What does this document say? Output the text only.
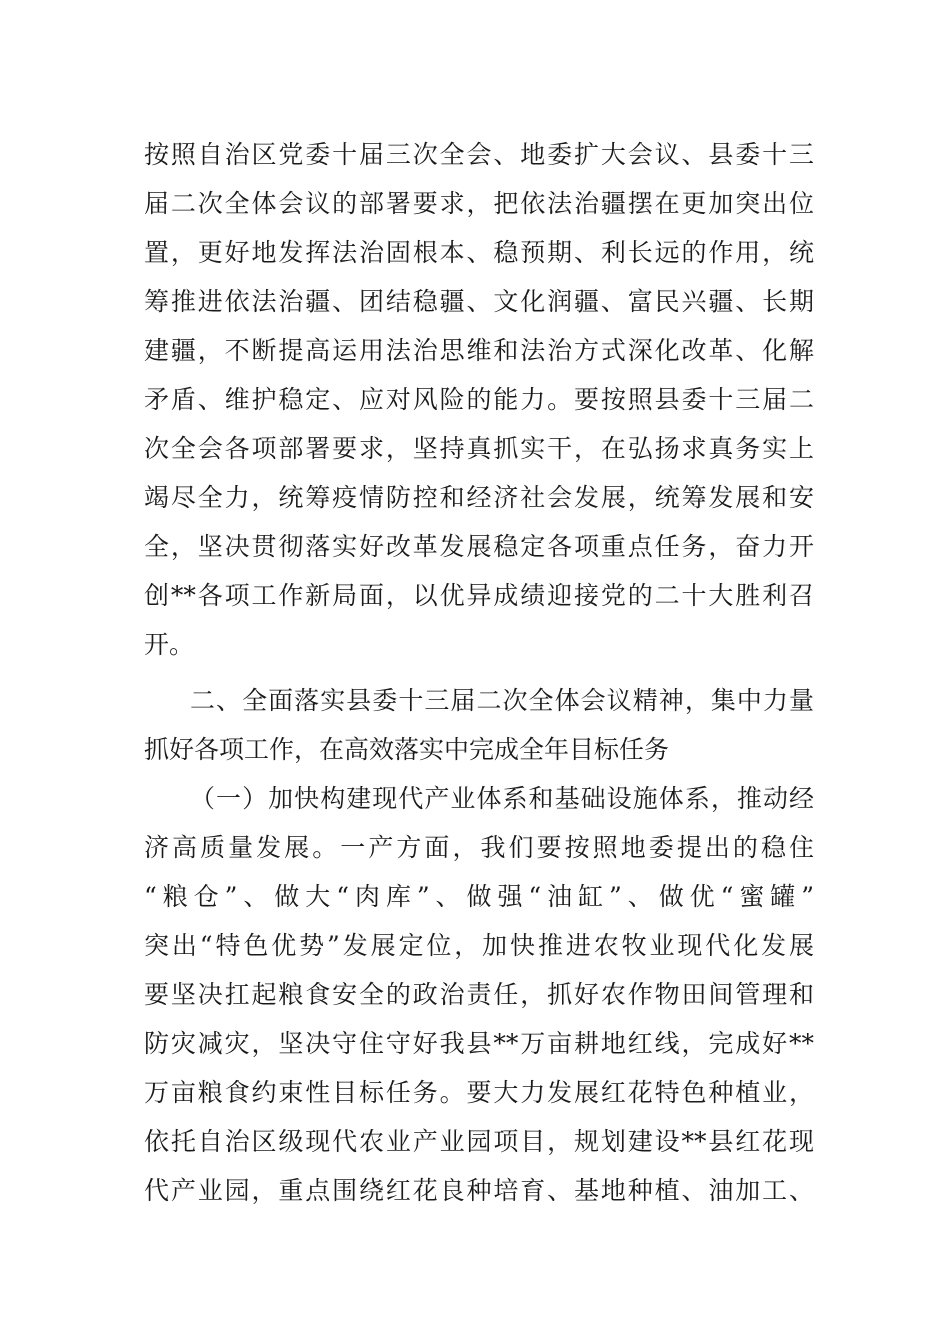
按照自治区党委十届三次全会、地委扩大会议、县委十三
届二次全体会议的部署要求，把依法治疆摆在更加突出位
置，更好地发挥法治固根本、稳预期、利长远的作用，统
筹推进依法治疆、团结稳疆、文化润疆、富民兴疆、长期
建疆，不断提高运用法治思维和法治方式深化改革、化解
矛盾、维护稳定、应对风险的能力。要按照县委十三届二
次全会各项部署要求，坚持真抓实干，在弘扬求真务实上
竭尽全力，统筹疫情防控和经济社会发展，统筹发展和安
全，坚决贯彻落实好改革发展稳定各项重点任务，奋力开
创**各项工作新局面，以优异成绩迎接党的二十大胜利召
开。
二、全面落实县委十三届二次全体会议精神，集中力量
抓好各项工作，在高效落实中完成全年目标任务
（一）加快构建现代产业体系和基础设施体系，推动经
济高质量发展。一产方面，我们要按照地委提出的稳住
“粮仓”、做大“肉库”、做强“油缸”、做优“蜜罐”
突出“特色优势”发展定位，加快推进农牧业现代化发展
要坚决扛起粮食安全的政治责任，抓好农作物田间管理和
防灾减灾，坚决守住守好我县**万亩耕地红线，完成好**
万亩粮食约束性目标任务。要大力发展红花特色种植业，
依托自治区级现代农业产业园项目，规划建设**县红花现
代产业园，重点围绕红花良种培育、基地种植、油加工、
